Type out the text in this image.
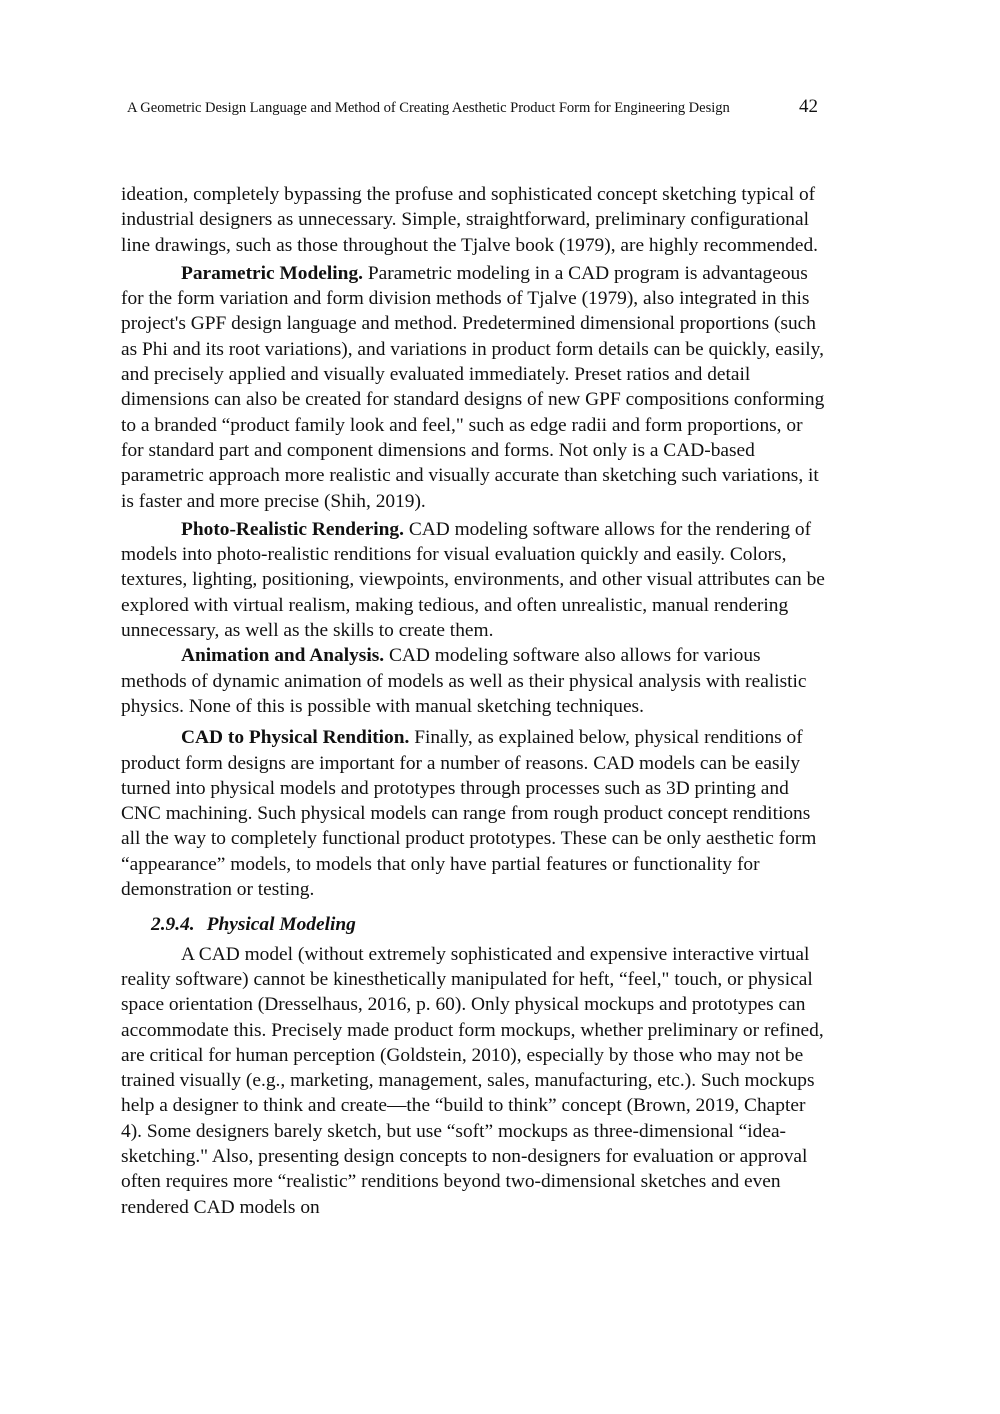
A Geometric Design Language and Method of Creating Aesthetic Product Form for Engineering Design	42

ideation, completely bypassing the profuse and sophisticated concept sketching typical of industrial designers as unnecessary. Simple, straightforward, preliminary configurational line drawings, such as those throughout the Tjalve book (1979), are highly recommended.

Parametric Modeling. Parametric modeling in a CAD program is advantageous for the form variation and form division methods of Tjalve (1979), also integrated in this project's GPF design language and method. Predetermined dimensional proportions (such as Phi and its root variations), and variations in product form details can be quickly, easily, and precisely applied and visually evaluated immediately. Preset ratios and detail dimensions can also be created for standard designs of new GPF compositions conforming to a branded “product family look and feel," such as edge radii and form proportions, or for standard part and component dimensions and forms. Not only is a CAD-based parametric approach more realistic and visually accurate than sketching such variations, it is faster and more precise (Shih, 2019).

Photo-Realistic Rendering. CAD modeling software allows for the rendering of models into photo-realistic renditions for visual evaluation quickly and easily. Colors, textures, lighting, positioning, viewpoints, environments, and other visual attributes can be explored with virtual realism, making tedious, and often unrealistic, manual rendering unnecessary, as well as the skills to create them.

Animation and Analysis. CAD modeling software also allows for various methods of dynamic animation of models as well as their physical analysis with realistic physics. None of this is possible with manual sketching techniques.

CAD to Physical Rendition. Finally, as explained below, physical renditions of product form designs are important for a number of reasons. CAD models can be easily turned into physical models and prototypes through processes such as 3D printing and CNC machining. Such physical models can range from rough product concept renditions all the way to completely functional product prototypes. These can be only aesthetic form “appearance” models, to models that only have partial features or functionality for demonstration or testing.

2.9.4. Physical Modeling

A CAD model (without extremely sophisticated and expensive interactive virtual reality software) cannot be kinesthetically manipulated for heft, “feel," touch, or physical space orientation (Dresselhaus, 2016, p. 60). Only physical mockups and prototypes can accommodate this. Precisely made product form mockups, whether preliminary or refined, are critical for human perception (Goldstein, 2010), especially by those who may not be trained visually (e.g., marketing, management, sales, manufacturing, etc.). Such mockups help a designer to think and create—the “build to think” concept (Brown, 2019, Chapter 4). Some designers barely sketch, but use “soft” mockups as three-dimensional “idea-sketching." Also, presenting design concepts to non-designers for evaluation or approval often requires more “realistic” renditions beyond two-dimensional sketches and even rendered CAD models on
